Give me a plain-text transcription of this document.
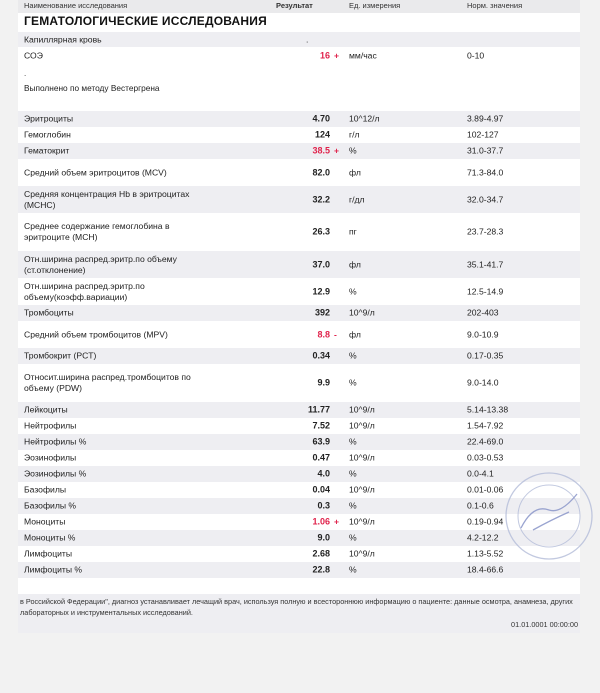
Наименование исследования	Результат	Ед. измерения	Норм. значения
ГЕМАТОЛОГИЧЕСКИЕ ИССЛЕДОВАНИЯ
Капиллярная кровь	.
СОЭ	16 +	мм/час	0-10
.
Выполнено по методу Вестергрена
Эритроциты	4.70 10^12/л	3.89-4.97
Гемоглобин	124 г/л	102-127
Гематокрит	38.5 +	%	31.0-37.7
Средний объем эритроцитов (MCV)	82.0 фл	71.3-84.0
Средняя концентрация Hb в эритроцитах (MCHC)
32.2 г/дл	32.0-34.7
Среднее содержание гемоглобина в эритроците (MCH)
26.3 пг	23.7-28.3
Отн.ширина распред.эритр.по объему (ст.отклонение)
37.0 фл	35.1-41.7
Отн.ширина распред.эритр.по объему(коэфф.вариации)
12.9 %	12.5-14.9
Тромбоциты	392 10^9/л	202-403
Средний объем тромбоцитов (MPV)	8.8 -	фл	9.0-10.9
Тромбокрит (PCT)	0.34 %	0.17-0.35
Относит.ширина распред.тромбоцитов по объему (PDW)
9.9 %	9.0-14.0
Лейкоциты	11.77 10^9/л	5.14-13.38
Нейтрофилы	7.52 10^9/л	1.54-7.92
Нейтрофилы %	63.9 %	22.4-69.0
Эозинофилы	0.47 10^9/л	0.03-0.53
Эозинофилы %	4.0 %	0.0-4.1
Базофилы	0.04 10^9/л	0.01-0.06
Базофилы %	0.3 %	0.1-0.6
Моноциты	1.06 +	10^9/л	0.19-0.94
Моноциты %	9.0 %	4.2-12.2
Лимфоциты	2.68 10^9/л	1.13-5.52
Лимфоциты %	22.8 %	18.4-66.6
в Российской Федерации", диагноз устанавливает лечащий врач, используя полную и всестороннюю информацию о пациенте: данные осмотра, анамнеза, других лабораторных и инструментальных исследований.
01.01.0001 00:00:00
